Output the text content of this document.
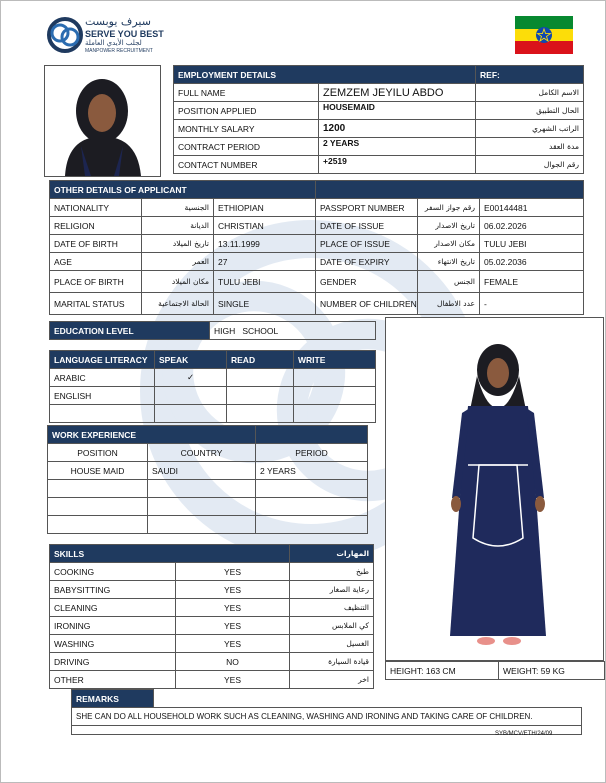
سيرف يوبست
SERVE YOU BEST
لجلب الأيدي العاملة
MANPOWER RECRUITMENT
EMPLOYMENT DETAILS		REF:
FULL NAME	ZEMZEM JEYILU ABDO	الاسم الكامل
POSITION APPLIED	HOUSEMAID	الحال التطبيق
MONTHLY SALARY	1200	الراتب الشهري
CONTRACT PERIOD	2 YEARS	مدة العقد
CONTACT NUMBER	+2519	رقم الجوال
OTHER DETAILS OF APPLICANT					
NATIONALITY	الجنسية	ETHIOPIAN	PASSPORT NUMBER	رقم جواز السفر	E00144481
RELIGION	الديانة	CHRISTIAN	DATE OF ISSUE	تاريخ الاصدار	06.02.2026
DATE OF BIRTH	تاريخ الميلاد	13.11.1999	PLACE OF ISSUE	مكان الاصدار	TULU JEBI
AGE	العمر	27	DATE OF EXPIRY	تاريخ الانتهاء	05.02.2036
PLACE OF BIRTH	مكان الميلاد	TULU JEBI	GENDER	الجنس	FEMALE
MARITAL STATUS	الحالة الاجتماعية	SINGLE	NUMBER OF CHILDREN	عدد الاطفال	-
EDUCATION LEVEL	HIGH   SCHOOL
LANGUAGE LITERACY	SPEAK	READ	WRITE
ARABIC	✓		
ENGLISH			

WORK EXPERIENCE		
POSITION	COUNTRY	PERIOD
HOUSE MAID	SAUDI	2 YEARS

SKILLS		المهارات
COOKING	YES	طبخ
BABYSITTING	YES	رعاية الصغار
CLEANING	YES	التنظيف
IRONING	YES	كي الملابس
WASHING	YES	الغسيل
DRIVING	NO	قيادة السيارة
OTHER	YES	اخر
HEIGHT: 163 CM	WEIGHT: 59 KG
REMARKS	
SHE CAN DO ALL HOUSEHOLD WORK SUCH AS CLEANING, WASHING AND IRONING AND TAKING CARE OF CHILDREN.

SYB/MCV/ETH/24/09
